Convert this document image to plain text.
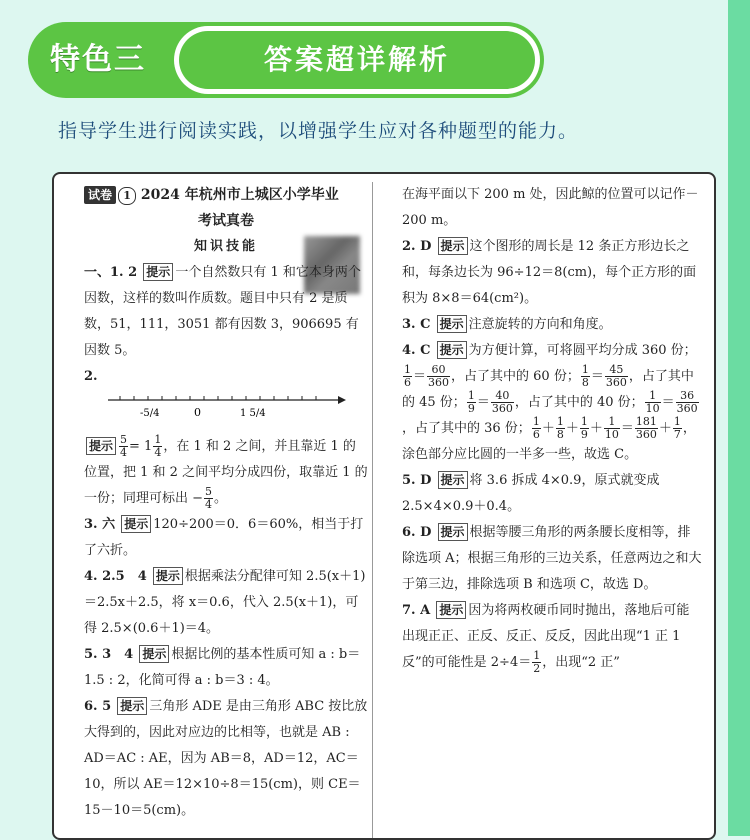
特色三	答案超详解析
指导学生进行阅读实践，以增强学生应对各种题型的能力。
试卷 1 2024 年杭州市上城区小学毕业
考试真卷
知识技能

一、1. 2 提示 一个自然数只有 1 和它本身两个因数，这样的数叫作质数。题目中只有 2 是质数，51，111，3051 都有因数 3，906695 有因数 5。

2.
-5/4	0	1 5/4

提示 $\frac{5}{4} = 1 \frac{1}{4}$ ，在 1 和 2 之间，并且靠近 1 的位置，把 1 和 2 之间平均分成四份，取靠近 1 的一份；同理可标出 − $\frac{5}{4}$ 。

3. 六 提示 120÷200＝0．6＝60%，相当于打了六折。

4. 2.5　4 提示 根据乘法分配律可知 2.5(x＋1)＝2.5x＋2.5，将 x＝0.6，代入 2.5(x＋1)，可得 2.5×(0.6＋1)＝4。

5. 3　4 提示 根据比例的基本性质可知 a : b＝1.5 : 2，化简可得 a : b＝3 : 4。

6. 5 提示 三角形 ADE 是由三角形 ABC 按比放大得到的，因此对应边的比相等，也就是 AB : AD＝AC : AE，因为 AB＝8，AD＝12，AC＝10，所以 AE＝12×10÷8＝15(cm)，则 CE＝15－10＝5(cm)。

在海平面以下 200 m 处，因此鲸的位置可以记作－200 m。

2. D 提示 这个图形的周长是 12 条正方形边长之和，每条边长为 96÷12＝8(cm)，每个正方形的面积为 8×8＝64(cm²)。

3. C 提示 注意旋转的方向和角度。

4. C 提示 为方便计算，可将圆平均分成 360 份；
$\frac{1}{6} = \frac{60}{360}$ ，占了其中的 60 份； $\frac{1}{8} = \frac{45}{360}$ ，占了其中的 45 份； $\frac{1}{9} = \frac{40}{360}$ ，占了其中的 40 份； $\frac{1}{10} = \frac{36}{360}$
，占了其中的 36 份； $\frac{1}{6} + \frac{1}{8} + \frac{1}{9} + \frac{1}{10} = \frac{181}{360} + \frac{1}{7}$ ，涂色部分应比圆的一半多一些，故选 C。

5. D 提示 将 3.6 拆成 4×0.9，原式就变成 2.5×4×0.9＋0.4。

6. D 提示 根据等腰三角形的两条腰长度相等，排除选项 A；根据三角形的三边关系，任意两边之和大于第三边，排除选项 B 和选项 C，故选 D。

7. A 提示 因为将两枚硬币同时抛出，落地后可能出现正正、正反、反正、反反，因此出现“1 正 1 反”的可能性是 $2\div 4= \frac{1}{2}$ ，出现“2 正”
